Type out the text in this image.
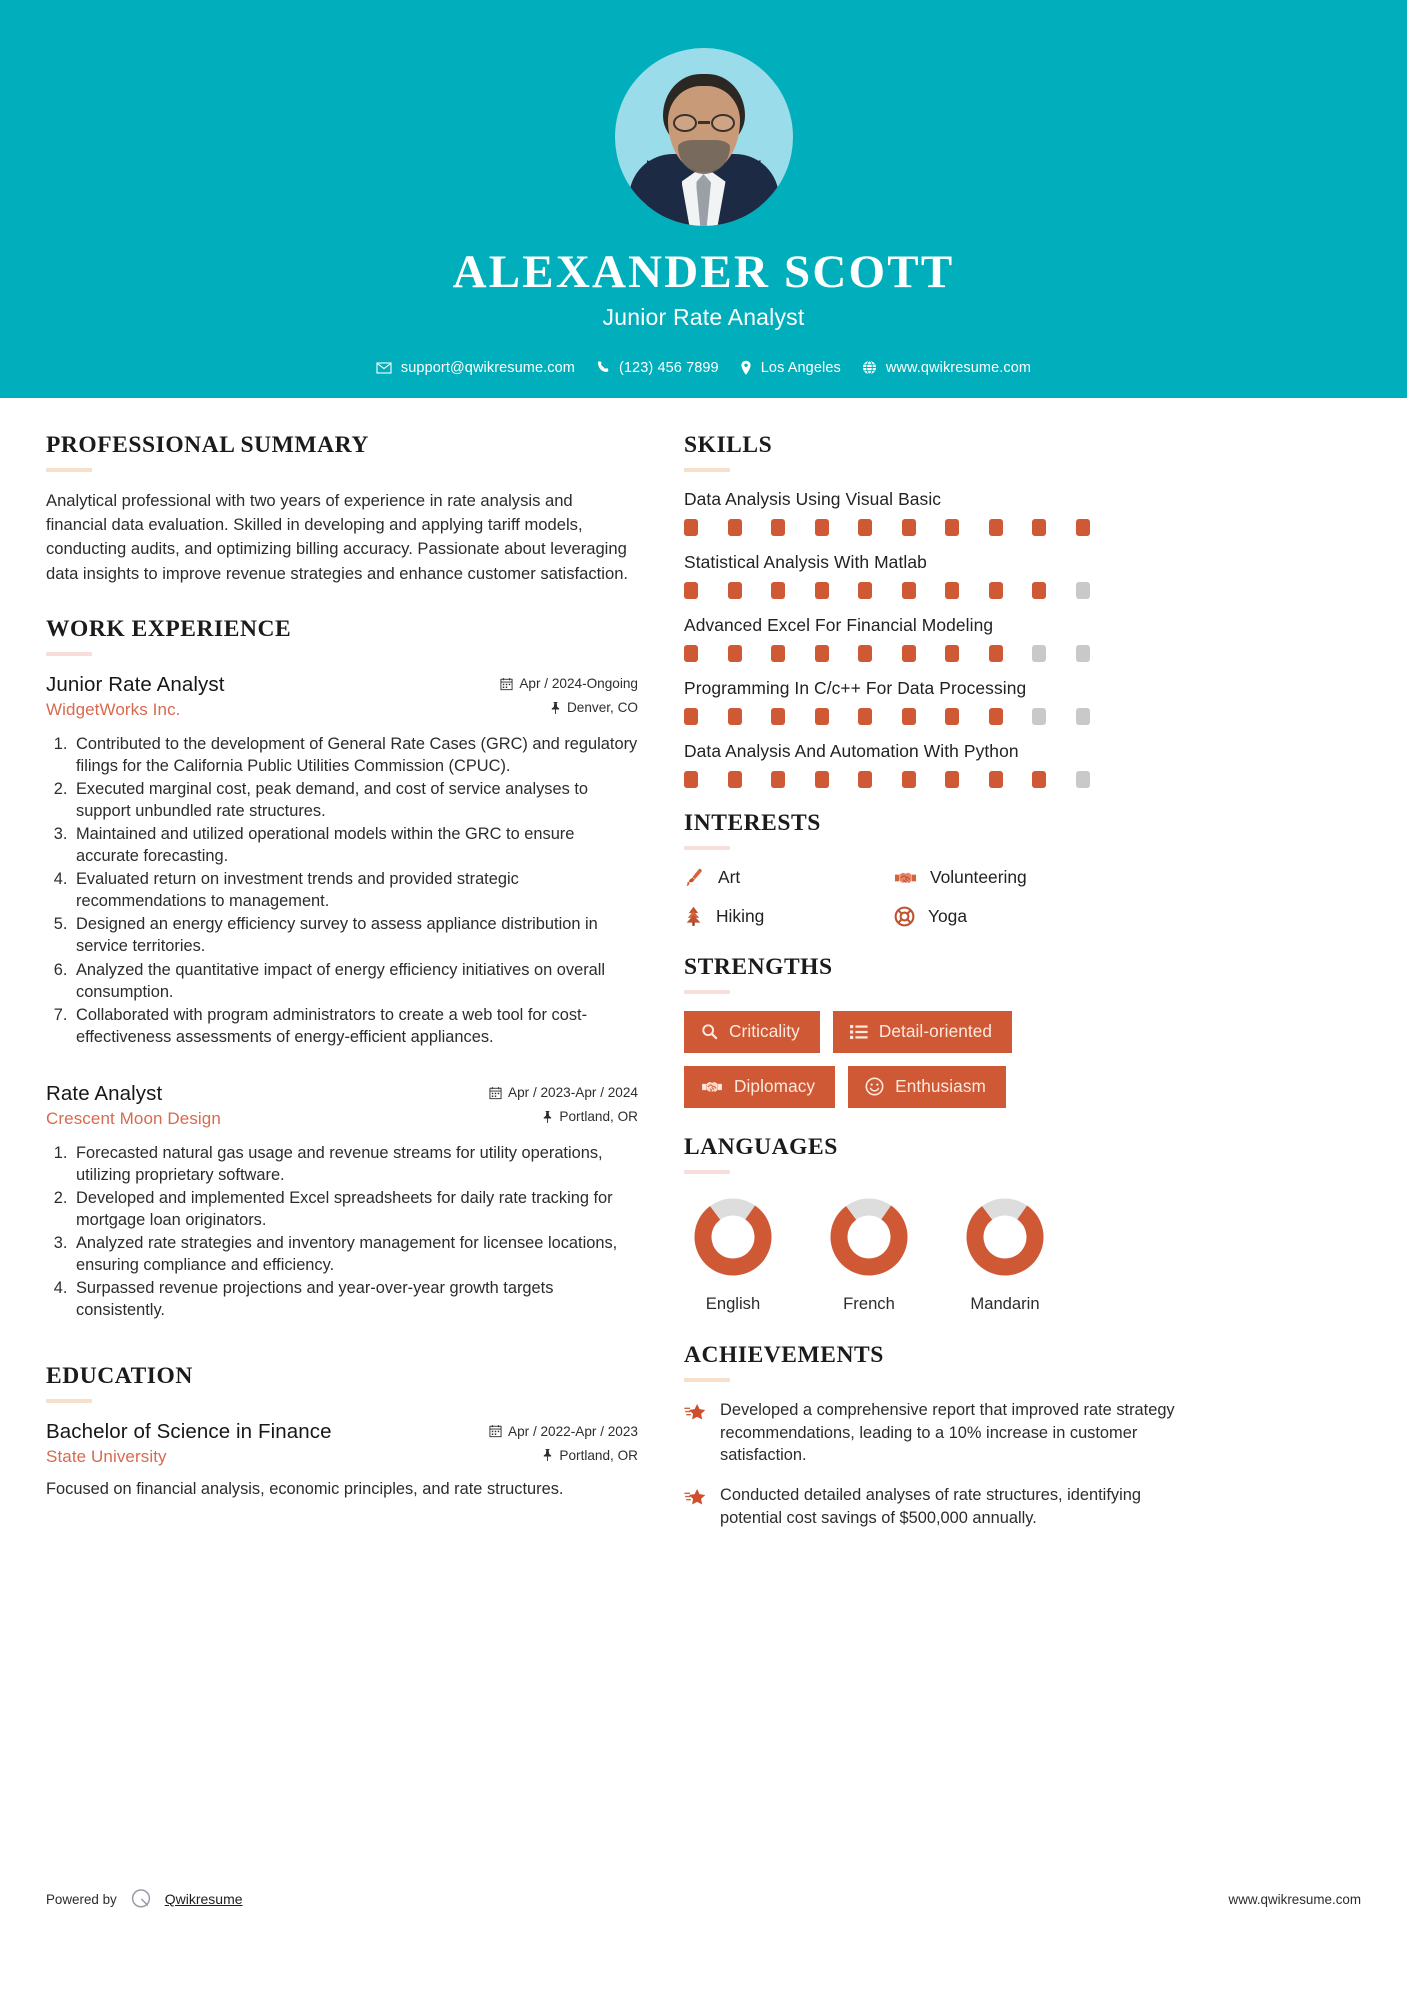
ALEXANDER SCOTT
Junior Rate Analyst
support@qwikresume.com	(123) 456 7899	Los Angeles	www.qwikresume.com
PROFESSIONAL SUMMARY

Analytical professional with two years of experience in rate analysis and financial data evaluation. Skilled in developing and applying tariff models, conducting audits, and optimizing billing accuracy. Passionate about leveraging data insights to improve revenue strategies and enhance customer satisfaction.

WORK EXPERIENCE
Junior Rate Analyst	Apr / 2024-Ongoing
WidgetWorks Inc.	Denver, CO
1. Contributed to the development of General Rate Cases (GRC) and regulatory filings for the California Public Utilities Commission (CPUC).
2. Executed marginal cost, peak demand, and cost of service analyses to support unbundled rate structures.
3. Maintained and utilized operational models within the GRC to ensure accurate forecasting.
4. Evaluated return on investment trends and provided strategic recommendations to management.
5. Designed an energy efficiency survey to assess appliance distribution in service territories.
6. Analyzed the quantitative impact of energy efficiency initiatives on overall consumption.
7. Collaborated with program administrators to create a web tool for cost-effectiveness assessments of energy-efficient appliances.
Rate Analyst	Apr / 2023-Apr / 2024
Crescent Moon Design	Portland, OR
1. Forecasted natural gas usage and revenue streams for utility operations, utilizing proprietary software.
2. Developed and implemented Excel spreadsheets for daily rate tracking for mortgage loan originators.
3. Analyzed rate strategies and inventory management for licensee locations, ensuring compliance and efficiency.
4. Surpassed revenue projections and year-over-year growth targets consistently.
EDUCATION
Bachelor of Science in Finance	Apr / 2022-Apr / 2023
State University	Portland, OR

Focused on financial analysis, economic principles, and rate structures.

SKILLS
Data Analysis Using Visual Basic
Statistical Analysis With Matlab
Advanced Excel For Financial Modeling
Programming In C/c++ For Data Processing
Data Analysis And Automation With Python
INTERESTS
Art	Volunteering
Hiking	Yoga
STRENGTHS
Criticality	Detail-oriented
Diplomacy	Enthusiasm
LANGUAGES
English	French	Mandarin
ACHIEVEMENTS
Developed a comprehensive report that improved rate strategy recommendations, leading to a 10% increase in customer satisfaction.
Conducted detailed analyses of rate structures, identifying potential cost savings of $500,000 annually.
Powered by	Qwikresume	www.qwikresume.com
